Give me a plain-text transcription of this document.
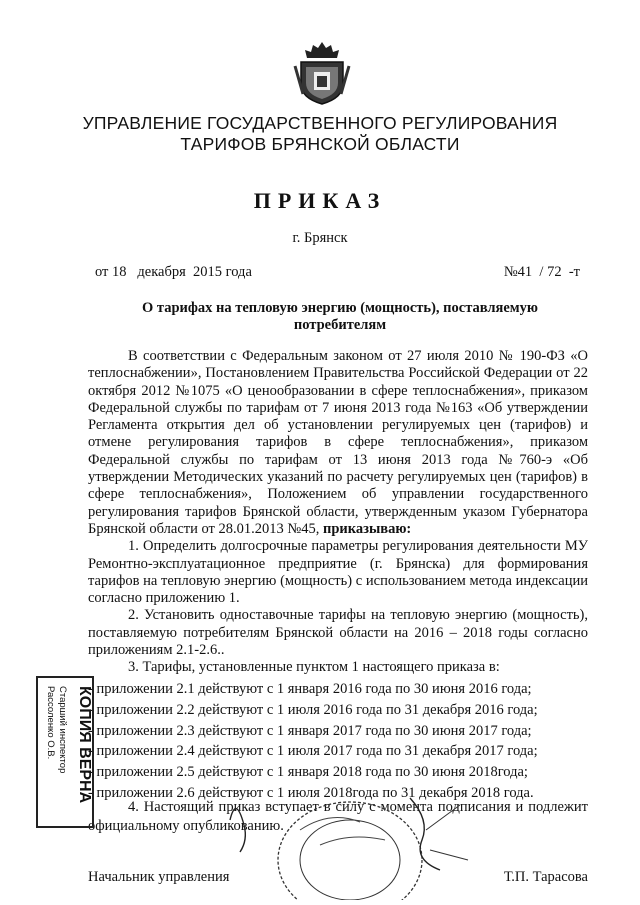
УПРАВЛЕНИЕ ГОСУДАРСТВЕННОГО РЕГУЛИРОВАНИЯ
ТАРИФОВ БРЯНСКОЙ ОБЛАСТИ
ПРИКАЗ
г. Брянск
от 18   декабря  2015 года	№41  / 72  -т
О тарифах на тепловую энергию (мощность), поставляемую потребителям

В соответствии с Федеральным законом от 27 июля 2010 № 190-ФЗ «О теплоснабжении», Постановлением Правительства Российской Федерации от 22 октября 2012 №1075 «О ценообразовании в сфере теплоснабжения», приказом Федеральной службы по тарифам от 7 июня 2013 года №163 «Об утверждении Регламента открытия дел об установлении регулируемых цен (тарифов) и отмене регулирования тарифов в сфере теплоснабжения», приказом Федеральной службы по тарифам от 13 июня 2013 года №760-э «Об утверждении Методических указаний по расчету регулируемых цен (тарифов) в сфере теплоснабжения», Положением об управлении государственного регулирования тарифов Брянской области, утвержденным указом Губернатора Брянской области от 28.01.2013 №45, приказываю:

1. Определить долгосрочные параметры регулирования деятельности МУ Ремонтно-эксплуатационное предприятие (г. Брянска) для формирования тарифов на тепловую энергию (мощность) с использованием метода индексации согласно приложению 1.

2. Установить одноставочные тарифы на тепловую энергию (мощность), поставляемую потребителям Брянской области на 2016 – 2018 годы согласно приложениям 2.1-2.6..

3. Тарифы, установленные пунктом 1 настоящего приказа в:

- приложении 2.1 действуют с 1 января 2016 года по 30 июня 2016 года;
- приложении 2.2 действуют с 1 июля 2016 года по 31 декабря 2016 года;
- приложении 2.3 действуют с 1 января 2017 года по 30 июня 2017 года;
- приложении 2.4 действуют с 1 июля 2017 года по 31 декабря 2017 года;
- приложении 2.5 действуют с 1 января 2018 года по 30 июня 2018года;
- приложении 2.6 действуют с 1 июля 2018года по 31 декабря 2018 года.
4. Настоящий приказ вступает в силу с момента подписания и подлежит официальному опубликованию.
Начальник управления	Т.П. Тарасова
КОПИЯ ВЕРНА
Старший инспектор
Рассоленко О.В.
